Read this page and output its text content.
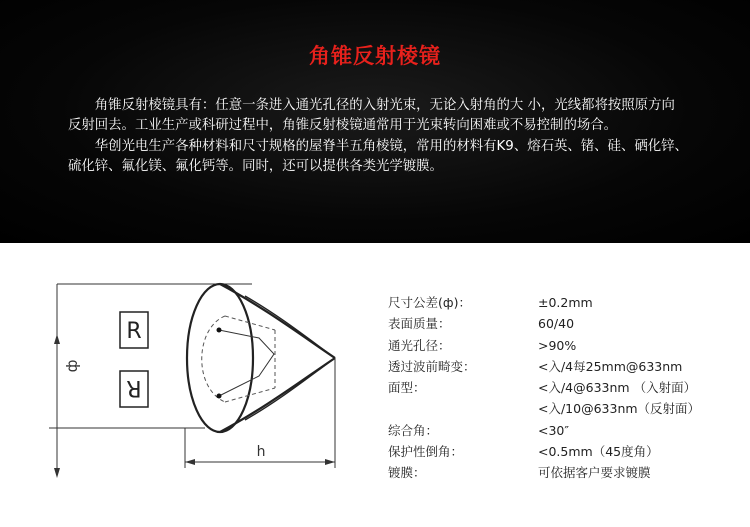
角锥反射棱镜

角锥反射棱镜具有：任意一条进入通光孔径的入射光束，无论入射角的大 小，光线都将按照原方向反射回去。工业生产或科研过程中，角锥反射棱镜通常用于光束转向困难或不易控制的场合。

华创光电生产各种材料和尺寸规格的屋脊半五角棱镜，常用的材料有K9、熔石英、锗、硅、硒化锌、硫化锌、氟化镁、氟化钙等。同时，还可以提供各类光学镀膜。

ф
R
R
h
尺寸公差(ф)：	±0.2mm
表面质量：	60/40
通光孔径：	>90%
透过波前畸变：	<入/4每25mm@633nm
面型：	<入/4@633nm （入射面）
<入/10@633nm（反射面）
综合角：	<30″
保护性倒角：	<0.5mm（45度角）
镀膜：	可依据客户要求镀膜
